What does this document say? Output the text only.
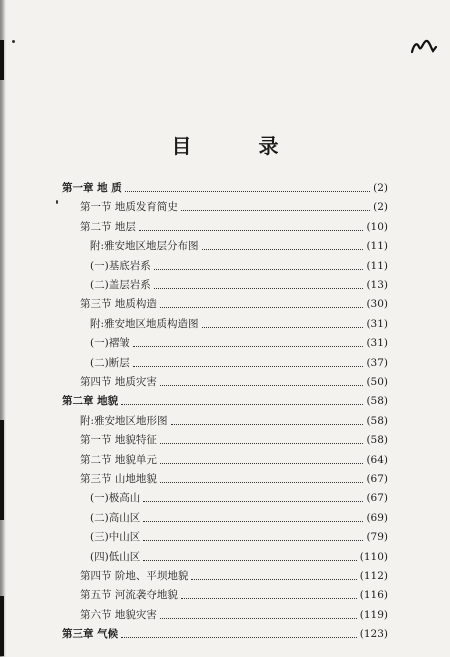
目 录
第一章 地 质	(2)
第一节 地质发育简史	(2)
第二节 地层	(10)
附:雅安地区地层分布图	(11)
(一)基底岩系	(11)
(二)盖层岩系	(13)
第三节 地质构造	(30)
附:雅安地区地质构造图	(31)
(一)褶皱	(31)
(二)断层	(37)
第四节 地质灾害	(50)
第二章 地貌	(58)
附:雅安地区地形图	(58)
第一节 地貌特征	(58)
第二节 地貌单元	(64)
第三节 山地地貌	(67)
(一)极高山	(67)
(二)高山区	(69)
(三)中山区	(79)
(四)低山区	(110)
第四节 阶地、平坝地貌	(112)
第五节 河流袭夺地貌	(116)
第六节 地貌灾害	(119)
第三章 气候	(123)
